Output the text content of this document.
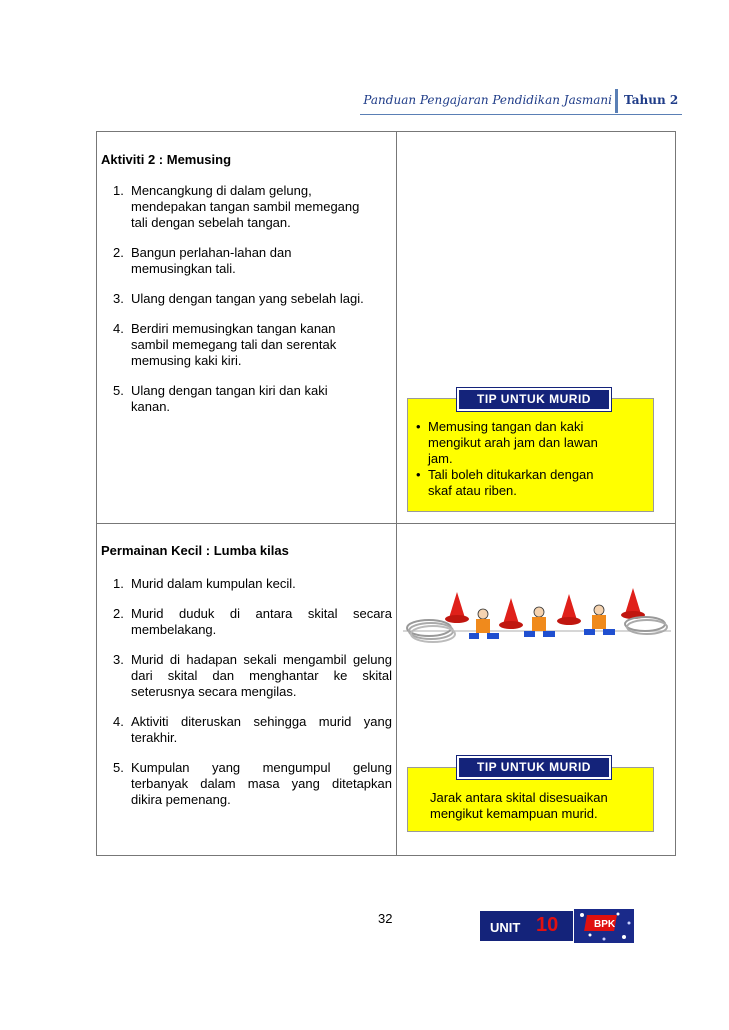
Panduan Pengajaran Pendidikan Jasmani Tahun 2
Aktiviti 2 : Memusing
1. Mencangkung di dalam gelung,
mendepakan tangan sambil memegang
tali dengan sebelah tangan.
2. Bangun perlahan-lahan dan
memusingkan tali.
3. Ulang dengan tangan yang sebelah lagi.
4. Berdiri memusingkan tangan kanan
sambil memegang tali dan serentak
memusing kaki kiri.
5. Ulang dengan tangan kiri dan kaki
kanan.
• Memusing tangan dan kaki
mengikut arah jam dan lawan
jam.
• Tali boleh ditukarkan dengan
skaf atau riben.
TIP UNTUK MURID
Permainan Kecil : Lumba kilas
1. Murid dalam kumpulan kecil.
2. Murid duduk di antara skital secara membelakang.
3. Murid di hadapan sekali mengambil gelung dari skital dan menghantar ke skital seterusnya secara mengilas.
4. Aktiviti diteruskan sehingga murid yang terakhir.
5. Kumpulan yang mengumpul gelung terbanyak dalam masa yang ditetapkan dikira pemenang.	Jarak antara skital disesuaikan
mengikut kemampuan murid.
TIP UNTUK MURID
32
UNIT 10	BPK
